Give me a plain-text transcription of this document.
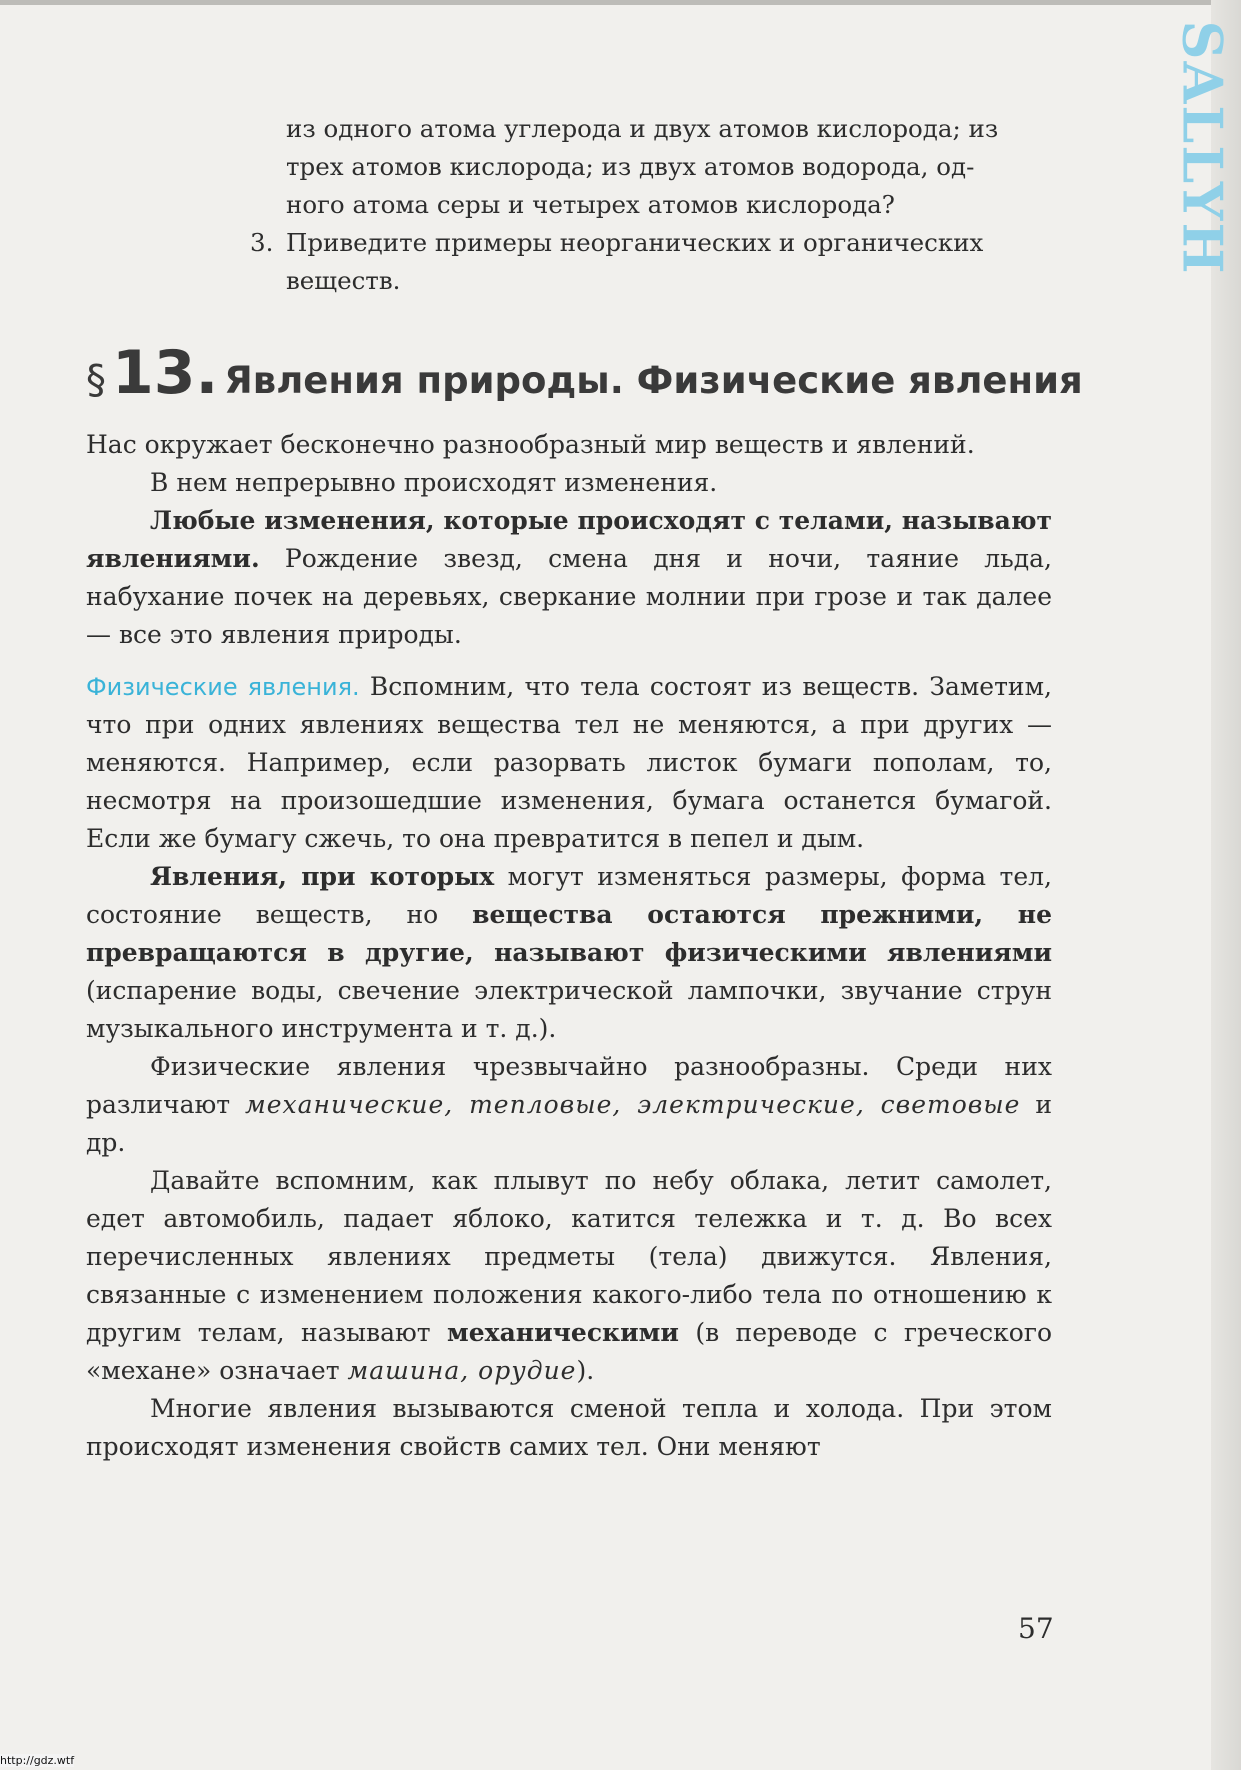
SALLYH
из одного атома углерода и двух атомов кислорода; из
трех атомов кислорода; из двух атомов водорода, од-
ного атома серы и четырех атомов кислорода?
3. Приведите примеры неорганических и органических
веществ.
§ 13. Явления природы. Физические явления

Нас окружает бесконечно разнообразный мир веществ и явлений.

В нем непрерывно происходят изменения.

Любые изменения, которые происходят с телами, называют явлениями. Рождение звезд, смена дня и ночи, таяние льда, набухание почек на деревьях, сверкание молнии при грозе и так далее — все это явления природы.

Физические явления. Вспомним, что тела состоят из веществ. Заметим, что при одних явлениях вещества тел не меняются, а при других — меняются. Например, если разорвать листок бумаги пополам, то, несмотря на произошедшие изменения, бумага останется бумагой. Если же бумагу сжечь, то она превратится в пепел и дым.

Явления, при которых могут изменяться размеры, форма тел, состояние веществ, но вещества остаются прежними, не превращаются в другие, называют физическими явлениями (испарение воды, свечение электрической лампочки, звучание струн музыкального инструмента и т. д.).

Физические явления чрезвычайно разнообразны. Среди них различают механические, тепловые, электрические, световые и др.

Давайте вспомним, как плывут по небу облака, летит самолет, едет автомобиль, падает яблоко, катится тележка и т. д. Во всех перечисленных явлениях предметы (тела) движутся. Явления, связанные с изменением положения какого-либо тела по отношению к другим телам, называют механическими (в переводе с греческого «механе» означает машина, орудие).

Многие явления вызываются сменой тепла и холода. При этом происходят изменения свойств самих тел. Они меняют

57
http://gdz.wtf
